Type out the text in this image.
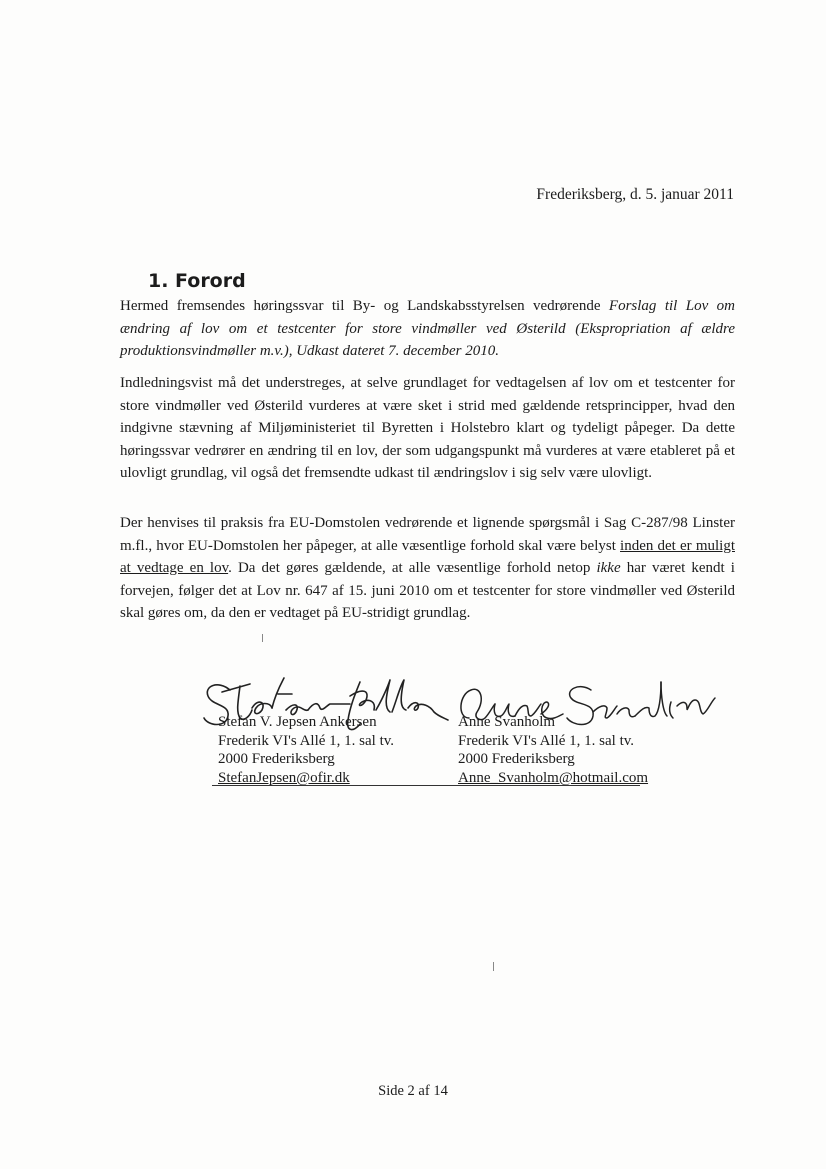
Frederiksberg, d. 5. januar 2011
1. Forord

Hermed fremsendes høringssvar til By- og Landskabsstyrelsen vedrørende Forslag til Lov om ændring af lov om et testcenter for store vindmøller ved Østerild (Ekspropriation af ældre produktionsvindmøller m.v.), Udkast dateret 7. december 2010.

Indledningsvist må det understreges, at selve grundlaget for vedtagelsen af lov om et testcenter for store vindmøller ved Østerild vurderes at være sket i strid med gældende retsprincipper, hvad den indgivne stævning af Miljøministeriet til Byretten i Holstebro klart og tydeligt påpeger. Da dette høringssvar vedrører en ændring til en lov, der som udgangspunkt må vurderes at være etableret på et ulovligt grundlag, vil også det fremsendte udkast til ændringslov i sig selv være ulovligt.

Der henvises til praksis fra EU-Domstolen vedrørende et lignende spørgsmål i Sag C-287/98 Linster m.fl., hvor EU-Domstolen her påpeger, at alle væsentlige forhold skal være belyst inden det er muligt at vedtage en lov. Da det gøres gældende, at alle væsentlige forhold netop ikke har været kendt i forvejen, følger det at Lov nr. 647 af 15. juni 2010 om et testcenter for store vindmøller ved Østerild skal gøres om, da den er vedtaget på EU-stridigt grundlag.

Stefan V. Jepsen Ankersen
Frederik VI's Allé 1, 1. sal tv.
2000 Frederiksberg
StefanJepsen@ofir.dk
Anne Svanholm
Frederik VI's Allé 1, 1. sal tv.
2000 Frederiksberg
Anne_Svanholm@hotmail.com
Side 2 af 14
